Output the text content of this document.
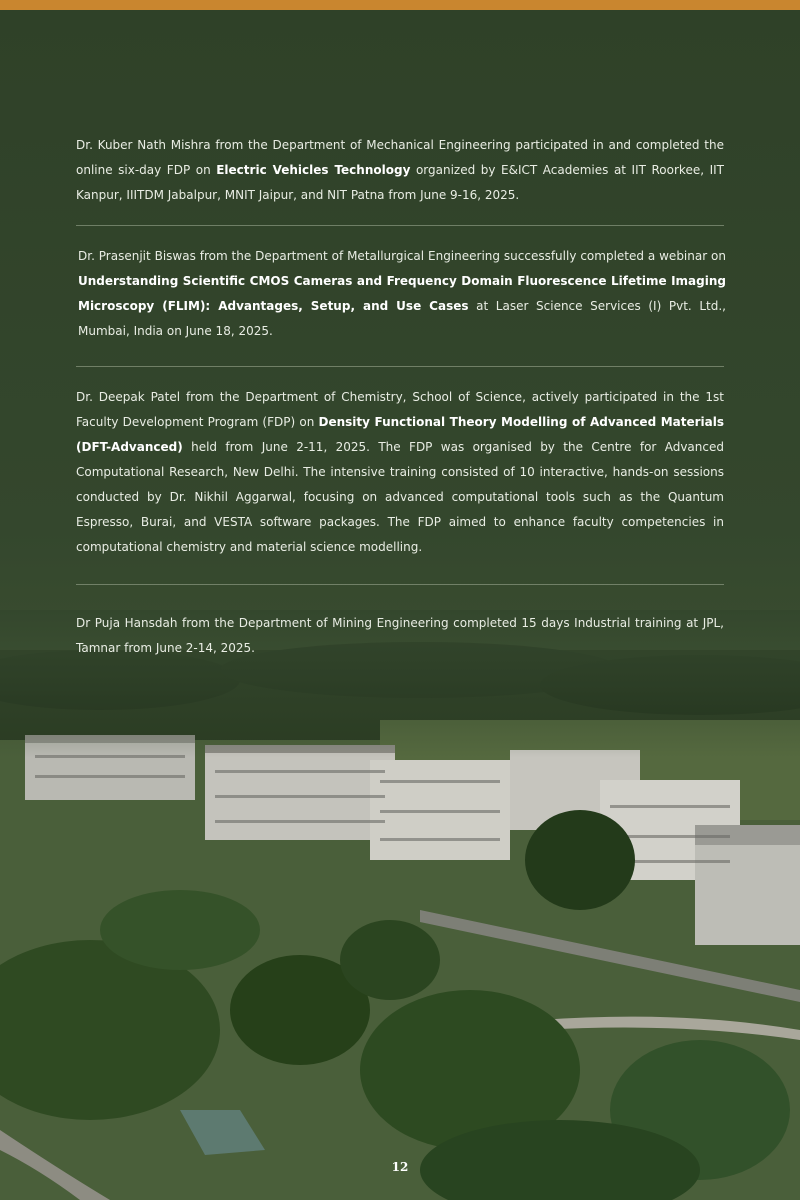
Dr. Kuber Nath Mishra from the Department of Mechanical Engineering participated in and completed the online six-day FDP on Electric Vehicles Technology organized by E&ICT Academies at IIT Roorkee, IIT Kanpur, IIITDM Jabalpur, MNIT Jaipur, and NIT Patna from June 9-16, 2025.

Dr. Prasenjit Biswas from the Department of Metallurgical Engineering successfully completed a webinar on Understanding Scientific CMOS Cameras and Frequency Domain Fluorescence Lifetime Imaging Microscopy (FLIM): Advantages, Setup, and Use Cases at Laser Science Services (I) Pvt. Ltd., Mumbai, India on June 18, 2025.

Dr. Deepak Patel from the Department of Chemistry, School of Science, actively participated in the 1st Faculty Development Program (FDP) on Density Functional Theory Modelling of Advanced Materials (DFT-Advanced) held from June 2-11, 2025. The FDP was organised by the Centre for Advanced Computational Research, New Delhi. The intensive training consisted of 10 interactive, hands-on sessions conducted by Dr. Nikhil Aggarwal, focusing on advanced computational tools such as the Quantum Espresso, Burai, and VESTA software packages. The FDP aimed to enhance faculty competencies in computational chemistry and material science modelling.

Dr Puja Hansdah from the Department of Mining Engineering completed 15 days Industrial training at JPL, Tamnar from June 2-14, 2025.

12
